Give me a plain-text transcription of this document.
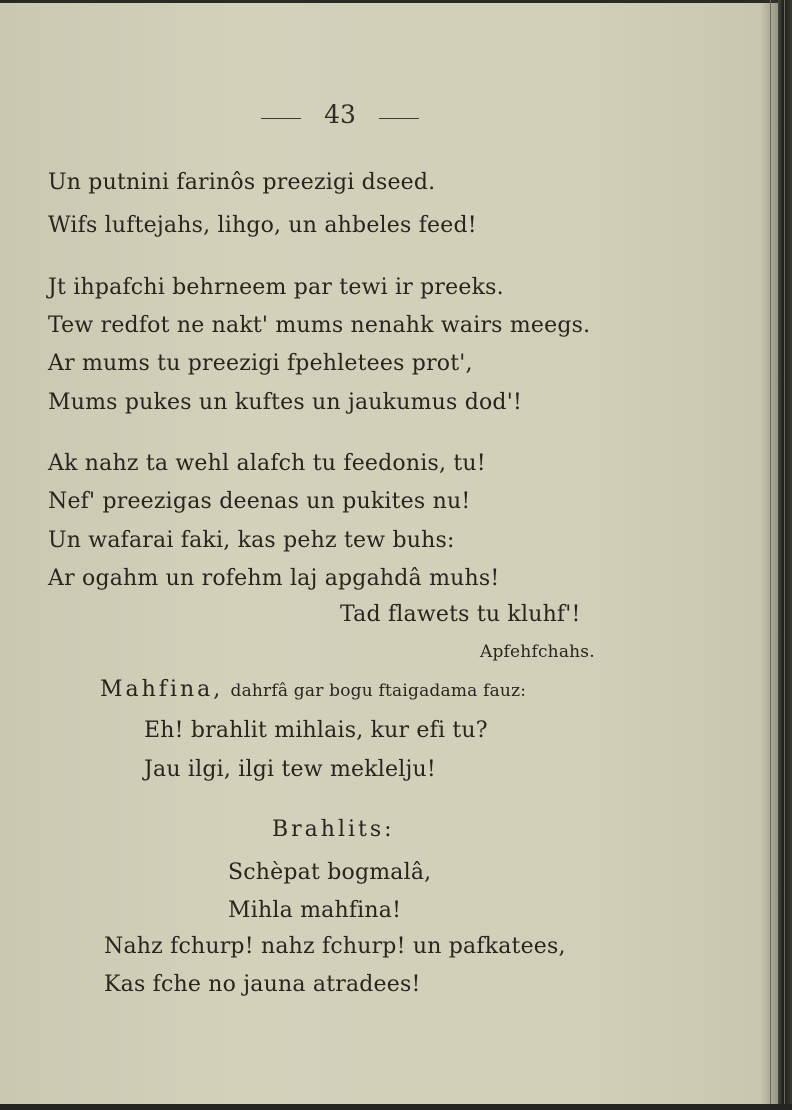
43
Un putnini farinôs preezigi dseed.
Wifs luftejahs, lihgo, un ahbeles feed!
Jt ihpafchi behrneem par tewi ir preeks.
Tew redfot ne nakt' mums nenahk wairs meegs.
Ar mums tu preezigi fpehletees prot',
Mums pukes un kuftes un jaukumus dod'!
Ak nahz ta wehl alafch tu feedonis, tu!
Nef' preezigas deenas un pukites nu!
Un wafarai faki, kas pehz tew buhs:
Ar ogahm un rofehm laj apgahdâ muhs!
Tad flawets tu kluhf'!
Apfehfchahs.
Mahfina, dahrfâ gar bogu ftaigadama fauz:
Eh! brahlit mihlais, kur efi tu?
Jau ilgi, ilgi tew meklelju!
Brahlits:
Schèpat bogmalâ,
Mihla mahfina!
Nahz fchurp! nahz fchurp! un pafkatees,
Kas fche no jauna atradees!
